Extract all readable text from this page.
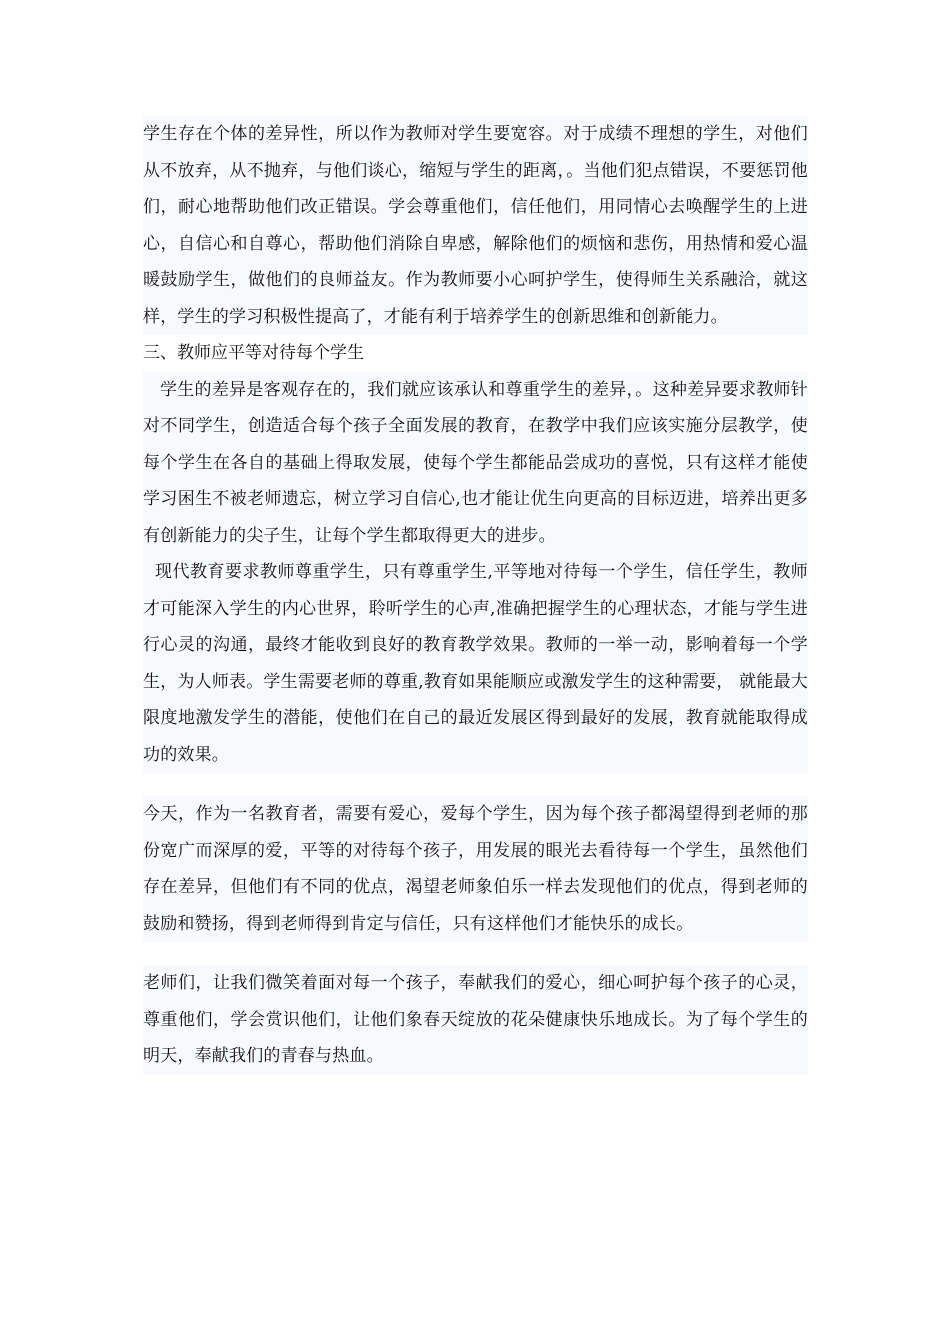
学生存在个体的差异性，所以作为教师对学生要宽容。对于成绩不理想的学生，对他们从不放弃，从不抛弃，与他们谈心，缩短与学生的距离，。当他们犯点错误，不要惩罚他们，耐心地帮助他们改正错误。学会尊重他们，信任他们，用同情心去唤醒学生的上进心，自信心和自尊心，帮助他们消除自卑感，解除他们的烦恼和悲伤，用热情和爱心温暖鼓励学生，做他们的良师益友。作为教师要小心呵护学生，使得师生关系融洽，就这样，学生的学习积极性提高了，才能有利于培养学生的创新思维和创新能力。

三、教师应平等对待每个学生

学生的差异是客观存在的，我们就应该承认和尊重学生的差异，。这种差异要求教师针对不同学生，创造适合每个孩子全面发展的教育，在教学中我们应该实施分层教学，使每个学生在各自的基础上得取发展，使每个学生都能品尝成功的喜悦，只有这样才能使学习困生不被老师遗忘，树立学习自信心,也才能让优生向更高的目标迈进，培养出更多有创新能力的尖子生，让每个学生都取得更大的进步。

现代教育要求教师尊重学生，只有尊重学生,平等地对待每一个学生，信任学生，教师才可能深入学生的内心世界，聆听学生的心声,准确把握学生的心理状态，才能与学生进行心灵的沟通，最终才能收到良好的教育教学效果。教师的一举一动，影响着每一个学生，为人师表。学生需要老师的尊重,教育如果能顺应或激发学生的这种需要， 就能最大限度地激发学生的潜能，使他们在自己的最近发展区得到最好的发展，教育就能取得成功的效果。

今天，作为一名教育者，需要有爱心，爱每个学生，因为每个孩子都渴望得到老师的那份宽广而深厚的爱，平等的对待每个孩子，用发展的眼光去看待每一个学生，虽然他们存在差异，但他们有不同的优点，渴望老师象伯乐一样去发现他们的优点，得到老师的鼓励和赞扬，得到老师得到肯定与信任，只有这样他们才能快乐的成长。

老师们，让我们微笑着面对每一个孩子，奉献我们的爱心，细心呵护每个孩子的心灵，尊重他们，学会赏识他们，让他们象春天绽放的花朵健康快乐地成长。为了每个学生的明天，奉献我们的青春与热血。
